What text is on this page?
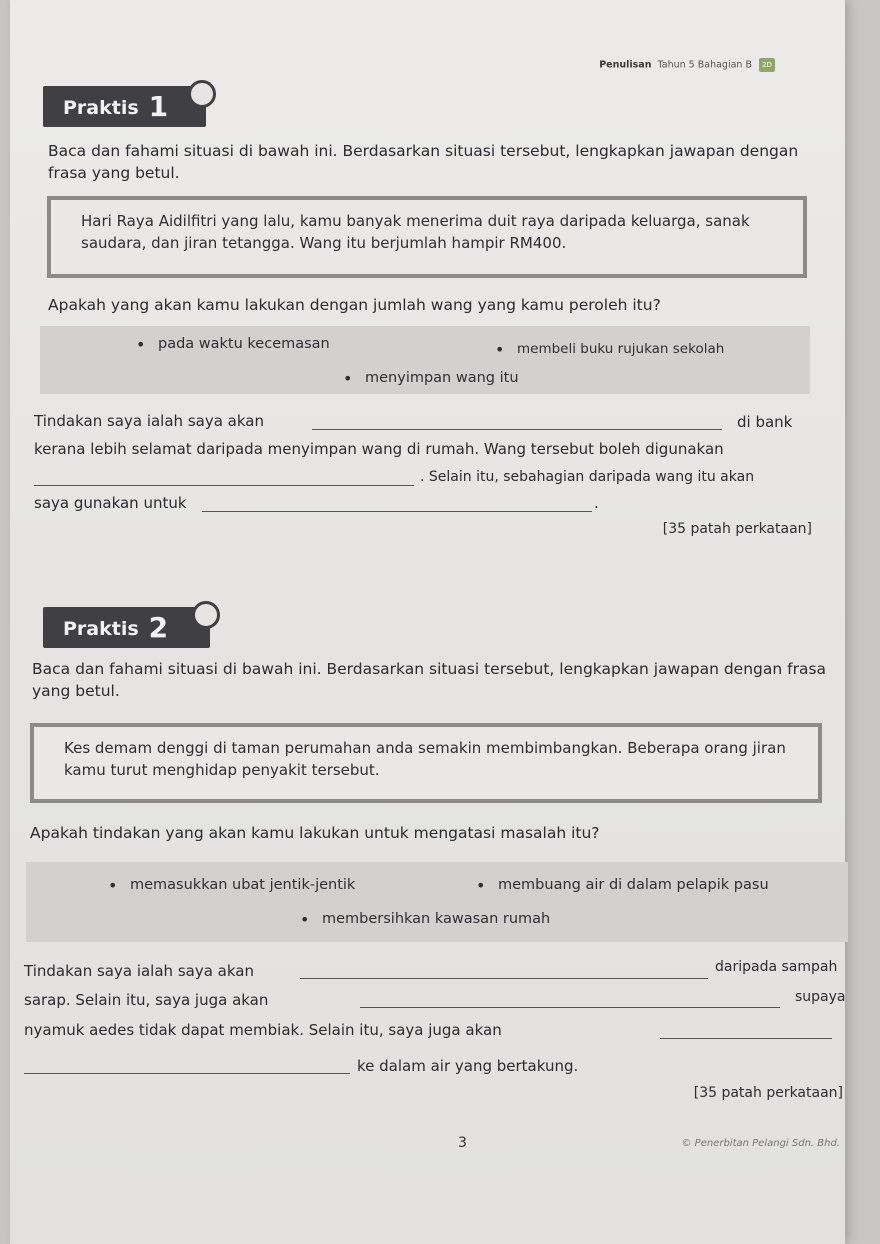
Penulisan Tahun 5 Bahagian B 2D
Praktis 1
Baca dan fahami situasi di bawah ini. Berdasarkan situasi tersebut, lengkapkan jawapan dengan frasa yang betul.
Hari Raya Aidilfitri yang lalu, kamu banyak menerima duit raya daripada keluarga, sanak saudara, dan jiran tetangga. Wang itu berjumlah hampir RM400.
Apakah yang akan kamu lakukan dengan jumlah wang yang kamu peroleh itu?
• pada waktu kecemasan	• membeli buku rujukan sekolah
• menyimpan wang itu
Tindakan saya ialah saya akan	di bank
kerana lebih selamat daripada menyimpan wang di rumah. Wang tersebut boleh digunakan
. Selain itu, sebahagian daripada wang itu akan
saya gunakan untuk	.
[35 patah perkataan]
Praktis 2
Baca dan fahami situasi di bawah ini. Berdasarkan situasi tersebut, lengkapkan jawapan dengan frasa yang betul.
Kes demam denggi di taman perumahan anda semakin membimbangkan. Beberapa orang jiran kamu turut menghidap penyakit tersebut.
Apakah tindakan yang akan kamu lakukan untuk mengatasi masalah itu?
• memasukkan ubat jentik-jentik	• membuang air di dalam pelapik pasu
• membersihkan kawasan rumah
Tindakan saya ialah saya akan	daripada sampah
sarap. Selain itu, saya juga akan	supaya
nyamuk aedes tidak dapat membiak. Selain itu, saya juga akan
ke dalam air yang bertakung.
[35 patah perkataan]
3	© Penerbitan Pelangi Sdn. Bhd.
